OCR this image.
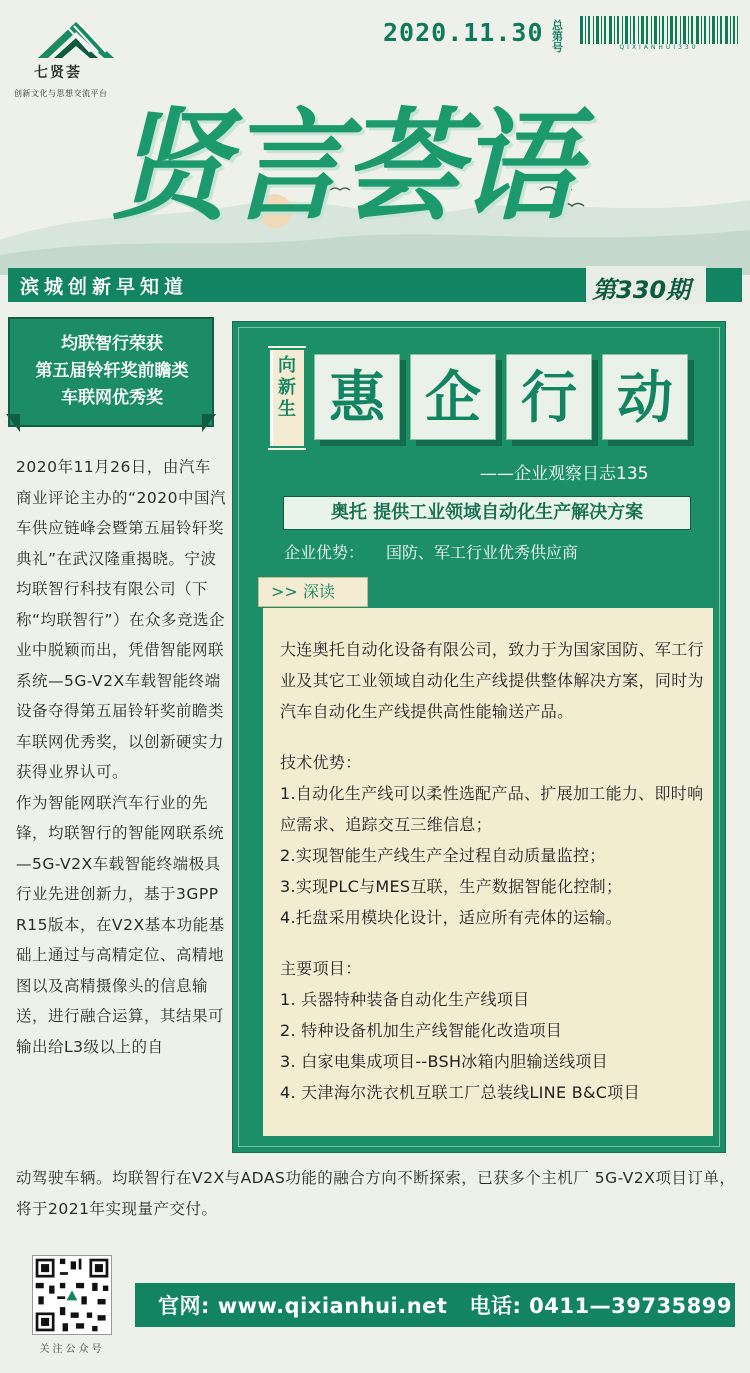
七贤荟
创新文化与思想交流平台
2020.11.30 总第号	QIXIANHUI330
贤言荟语
滨城创新早知道	第330期
均联智行荣获
第五届铃轩奖前瞻类
车联网优秀奖

2020年11月26日，由汽车商业评论主办的“2020中国汽车供应链峰会暨第五届铃轩奖典礼”在武汉隆重揭晓。宁波均联智行科技有限公司（下称“均联智行”）在众多竞选企业中脱颖而出，凭借智能网联系统—5G-V2X车载智能终端设备夺得第五届铃轩奖前瞻类车联网优秀奖，以创新硬实力获得业界认可。

作为智能网联汽车行业的先锋，均联智行的智能网联系统—5G-V2X车载智能终端极具行业先进创新力，基于3GPP R15版本，在V2X基本功能基础上通过与高精定位、高精地图以及高精摄像头的信息输送，进行融合运算，其结果可输出给L3级以上的自

动驾驶车辆。均联智行在V2X与ADAS功能的融合方向不断探索，已获多个主机厂 5G-V2X项目订单，将于2021年实现量产交付。
向新生 惠 企 行 动
——企业观察日志135
奥托 提供工业领域自动化生产解决方案
企业优势： 国防、军工行业优秀供应商
>> 深读

大连奥托自动化设备有限公司，致力于为国家国防、军工行业及其它工业领域自动化生产线提供整体解决方案，同时为汽车自动化生产线提供高性能输送产品。

技术优势：

1.自动化生产线可以柔性选配产品、扩展加工能力、即时响应需求、追踪交互三维信息；

2.实现智能生产线生产全过程自动质量监控；

3.实现PLC与MES互联，生产数据智能化控制；

4.托盘采用模块化设计，适应所有壳体的运输。

主要项目：

1. 兵器特种装备自动化生产线项目

2. 特种设备机加生产线智能化改造项目

3. 白家电集成项目--BSH冰箱内胆输送线项目

4. 天津海尔洗衣机互联工厂总装线LINE B&C项目

关注公众号
官网: www.qixianhui.net 电话: 0411—39735899
